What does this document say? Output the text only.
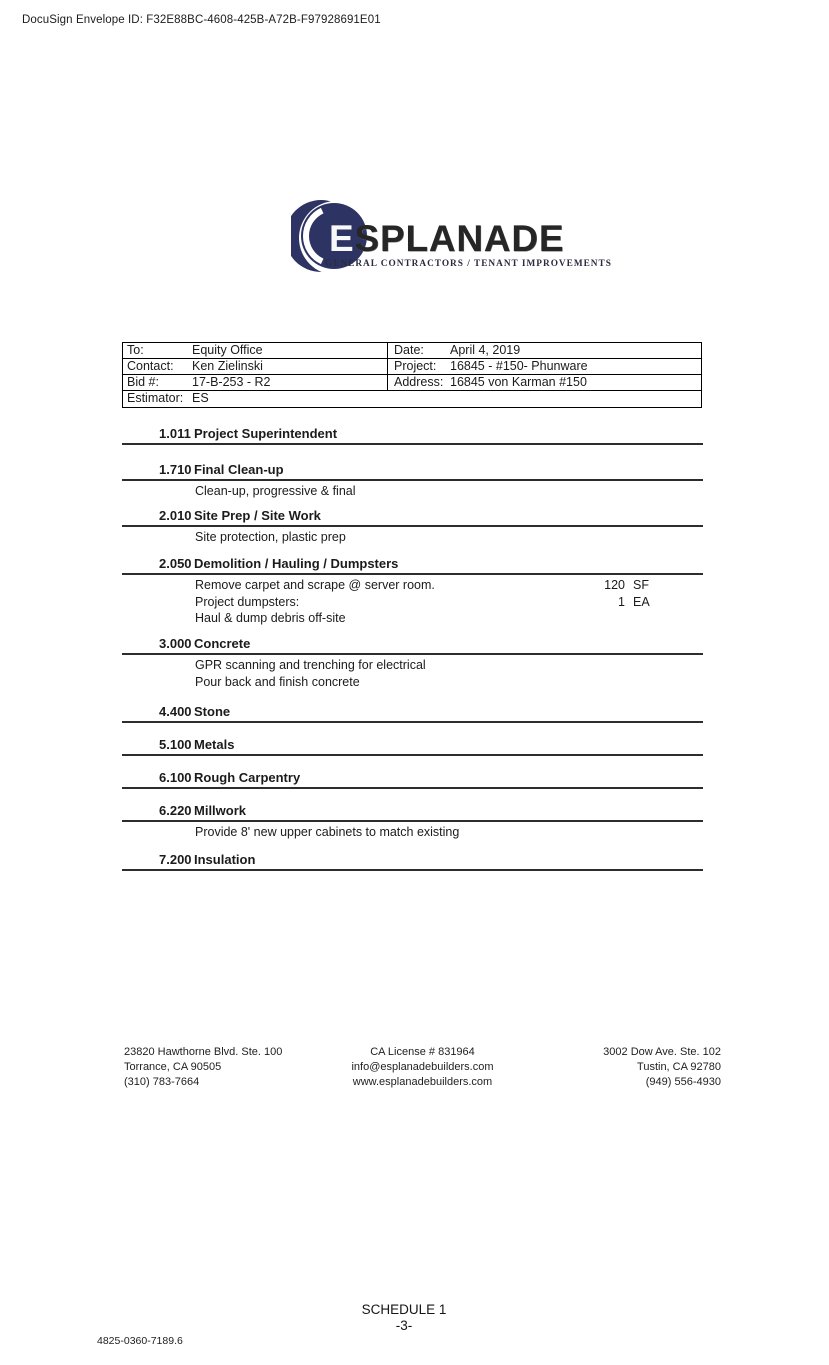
DocuSign Envelope ID: F32E88BC-4608-425B-A72B-F97928691E01
ESPLANADE
GENERAL CONTRACTORS / TENANT IMPROVEMENTS
To:	Equity Office	Date:	April 4, 2019
Contact:	Ken Zielinski	Project:	16845 - #150- Phunware
Bid #:	17-B-253 - R2	Address: 16845 von Karman #150
Estimator: ES
1.011 Project Superintendent
1.710 Final Clean-up
Clean-up, progressive & final
2.010 Site Prep / Site Work
Site protection, plastic prep
2.050 Demolition / Hauling / Dumpsters
Remove carpet and scrape @ server room.	120 SF
Project dumpsters:	1 EA
Haul & dump debris off-site
3.000 Concrete
GPR scanning and trenching for electrical
Pour back and finish concrete
4.400 Stone
5.100 Metals
6.100 Rough Carpentry
6.220 Millwork
Provide 8' new upper cabinets to match existing
7.200 Insulation
23820 Hawthorne Blvd. Ste. 100
Torrance, CA 90505
(310) 783-7664
CA License # 831964
info@esplanadebuilders.com
www.esplanadebuilders.com
3002 Dow Ave. Ste. 102
Tustin, CA 92780
(949) 556-4930
SCHEDULE 1
-3-
4825-0360-7189.6
